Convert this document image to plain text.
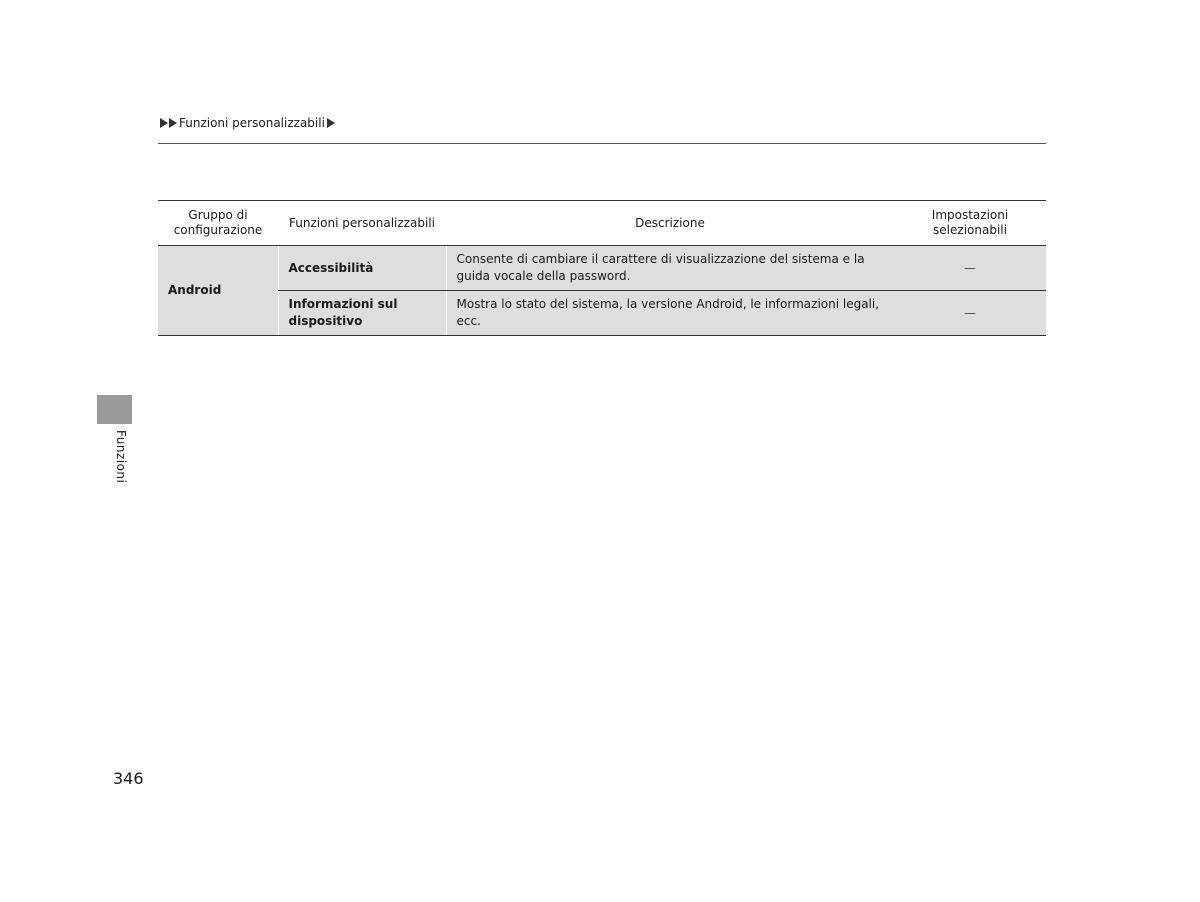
Funzioni personalizzabili
Gruppo di configurazione	Funzioni personalizzabili	Descrizione	Impostazioni selezionabili
Android	Accessibilità	Consente di cambiare il carattere di visualizzazione del sistema e la guida vocale della password.	—
	Informazioni sul dispositivo	Mostra lo stato del sistema, la versione Android, le informazioni legali, ecc.	—
Funzioni
346
